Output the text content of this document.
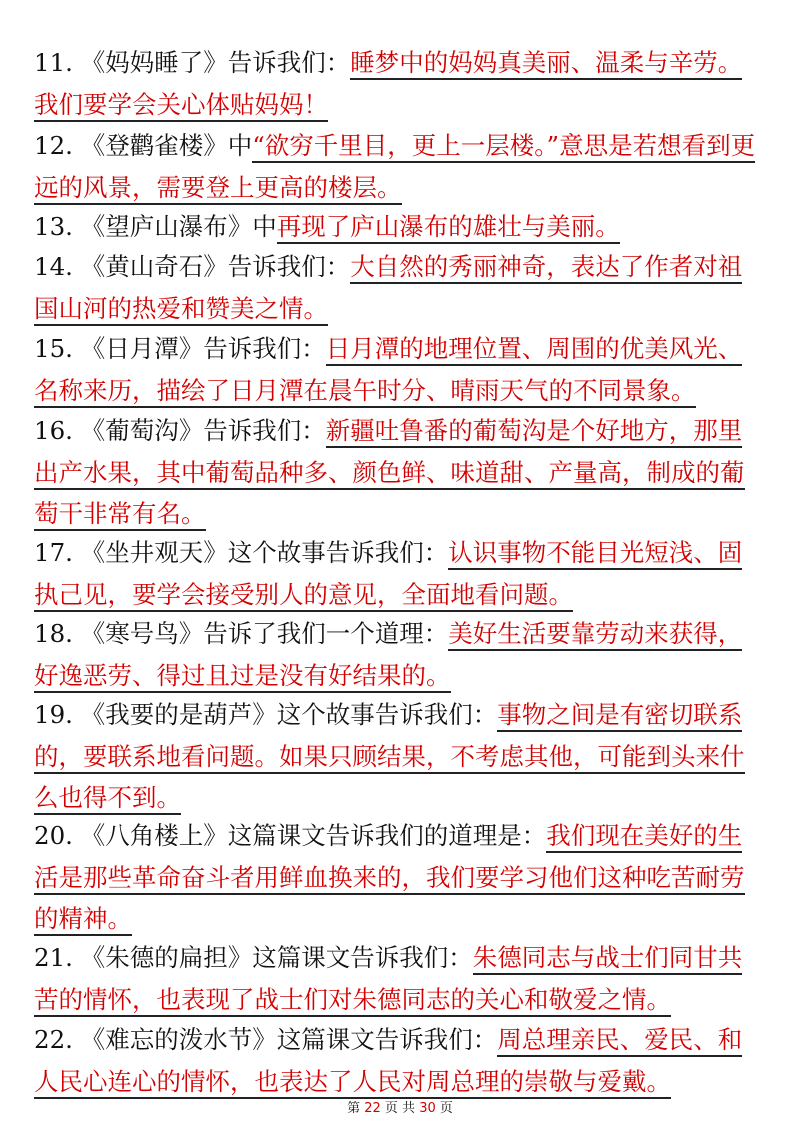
11. 《妈妈睡了》告诉我们：睡梦中的妈妈真美丽、温柔与辛劳。我们要学会关心体贴妈妈！
12. 《登鹳雀楼》中“欲穷千里目，更上一层楼。”意思是若想看到更远的风景，需要登上更高的楼层。
13. 《望庐山瀑布》中再现了庐山瀑布的雄壮与美丽。
14. 《黄山奇石》告诉我们：大自然的秀丽神奇，表达了作者对祖国山河的热爱和赞美之情。
15. 《日月潭》告诉我们：日月潭的地理位置、周围的优美风光、名称来历，描绘了日月潭在晨午时分、晴雨天气的不同景象。
16. 《葡萄沟》告诉我们：新疆吐鲁番的葡萄沟是个好地方，那里出产水果，其中葡萄品种多、颜色鲜、味道甜、产量高，制成的葡萄干非常有名。
17. 《坐井观天》这个故事告诉我们：认识事物不能目光短浅、固执己见，要学会接受别人的意见，全面地看问题。
18. 《寒号鸟》告诉了我们一个道理：美好生活要靠劳动来获得，好逸恶劳、得过且过是没有好结果的。
19. 《我要的是葫芦》这个故事告诉我们：事物之间是有密切联系的，要联系地看问题。如果只顾结果，不考虑其他，可能到头来什么也得不到。
20. 《八角楼上》这篇课文告诉我们的道理是：我们现在美好的生活是那些革命奋斗者用鲜血换来的，我们要学习他们这种吃苦耐劳的精神。
21. 《朱德的扁担》这篇课文告诉我们：朱德同志与战士们同甘共苦的情怀，也表现了战士们对朱德同志的关心和敬爱之情。
22. 《难忘的泼水节》这篇课文告诉我们：周总理亲民、爱民、和人民心连心的情怀，也表达了人民对周总理的崇敬与爱戴。
第 22 页 共 30 页
